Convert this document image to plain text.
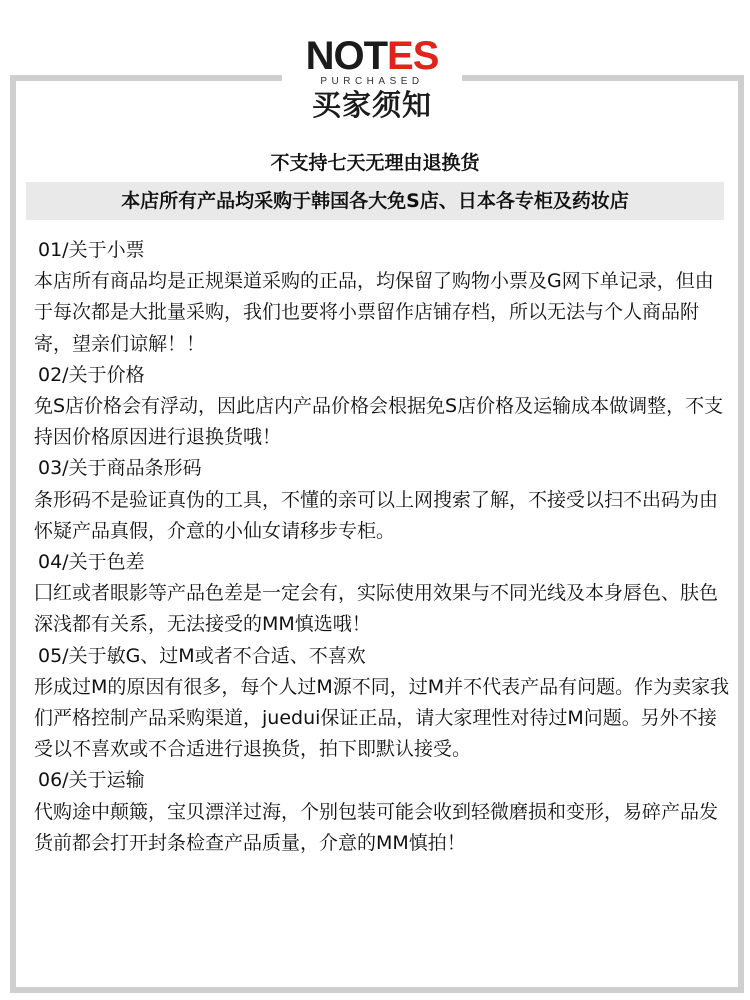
NOTES
PURCHASED
买家须知
不支持七天无理由退换货
本店所有产品均采购于韩国各大免S店、日本各专柜及药妆店

01/关于小票

本店所有商品均是正规渠道采购的正品，均保留了购物小票及G网下单记录，但由于每次都是大批量采购，我们也要将小票留作店铺存档，所以无法与个人商品附寄，望亲们谅解！！

02/关于价格

免S店价格会有浮动，因此店内产品价格会根据免S店价格及运输成本做调整，不支持因价格原因进行退换货哦！

03/关于商品条形码

条形码不是验证真伪的工具，不懂的亲可以上网搜索了解，不接受以扫不出码为由怀疑产品真假，介意的小仙女请移步专柜。

04/关于色差

囗红或者眼影等产品色差是一定会有，实际使用效果与不同光线及本身唇色、肤色深浅都有关系，无法接受的MM慎选哦！

05/关于敏G、过M或者不合适、不喜欢

形成过M的原因有很多，每个人过M源不同，过M并不代表产品有问题。作为卖家我们严格控制产品采购渠道，juedui保证正品，请大家理性对待过M问题。另外不接受以不喜欢或不合适进行退换货，拍下即默认接受。

06/关于运输

代购途中颠簸，宝贝漂洋过海，个别包装可能会收到轻微磨损和变形，易碎产品发货前都会打开封条检查产品质量，介意的MM慎拍！
